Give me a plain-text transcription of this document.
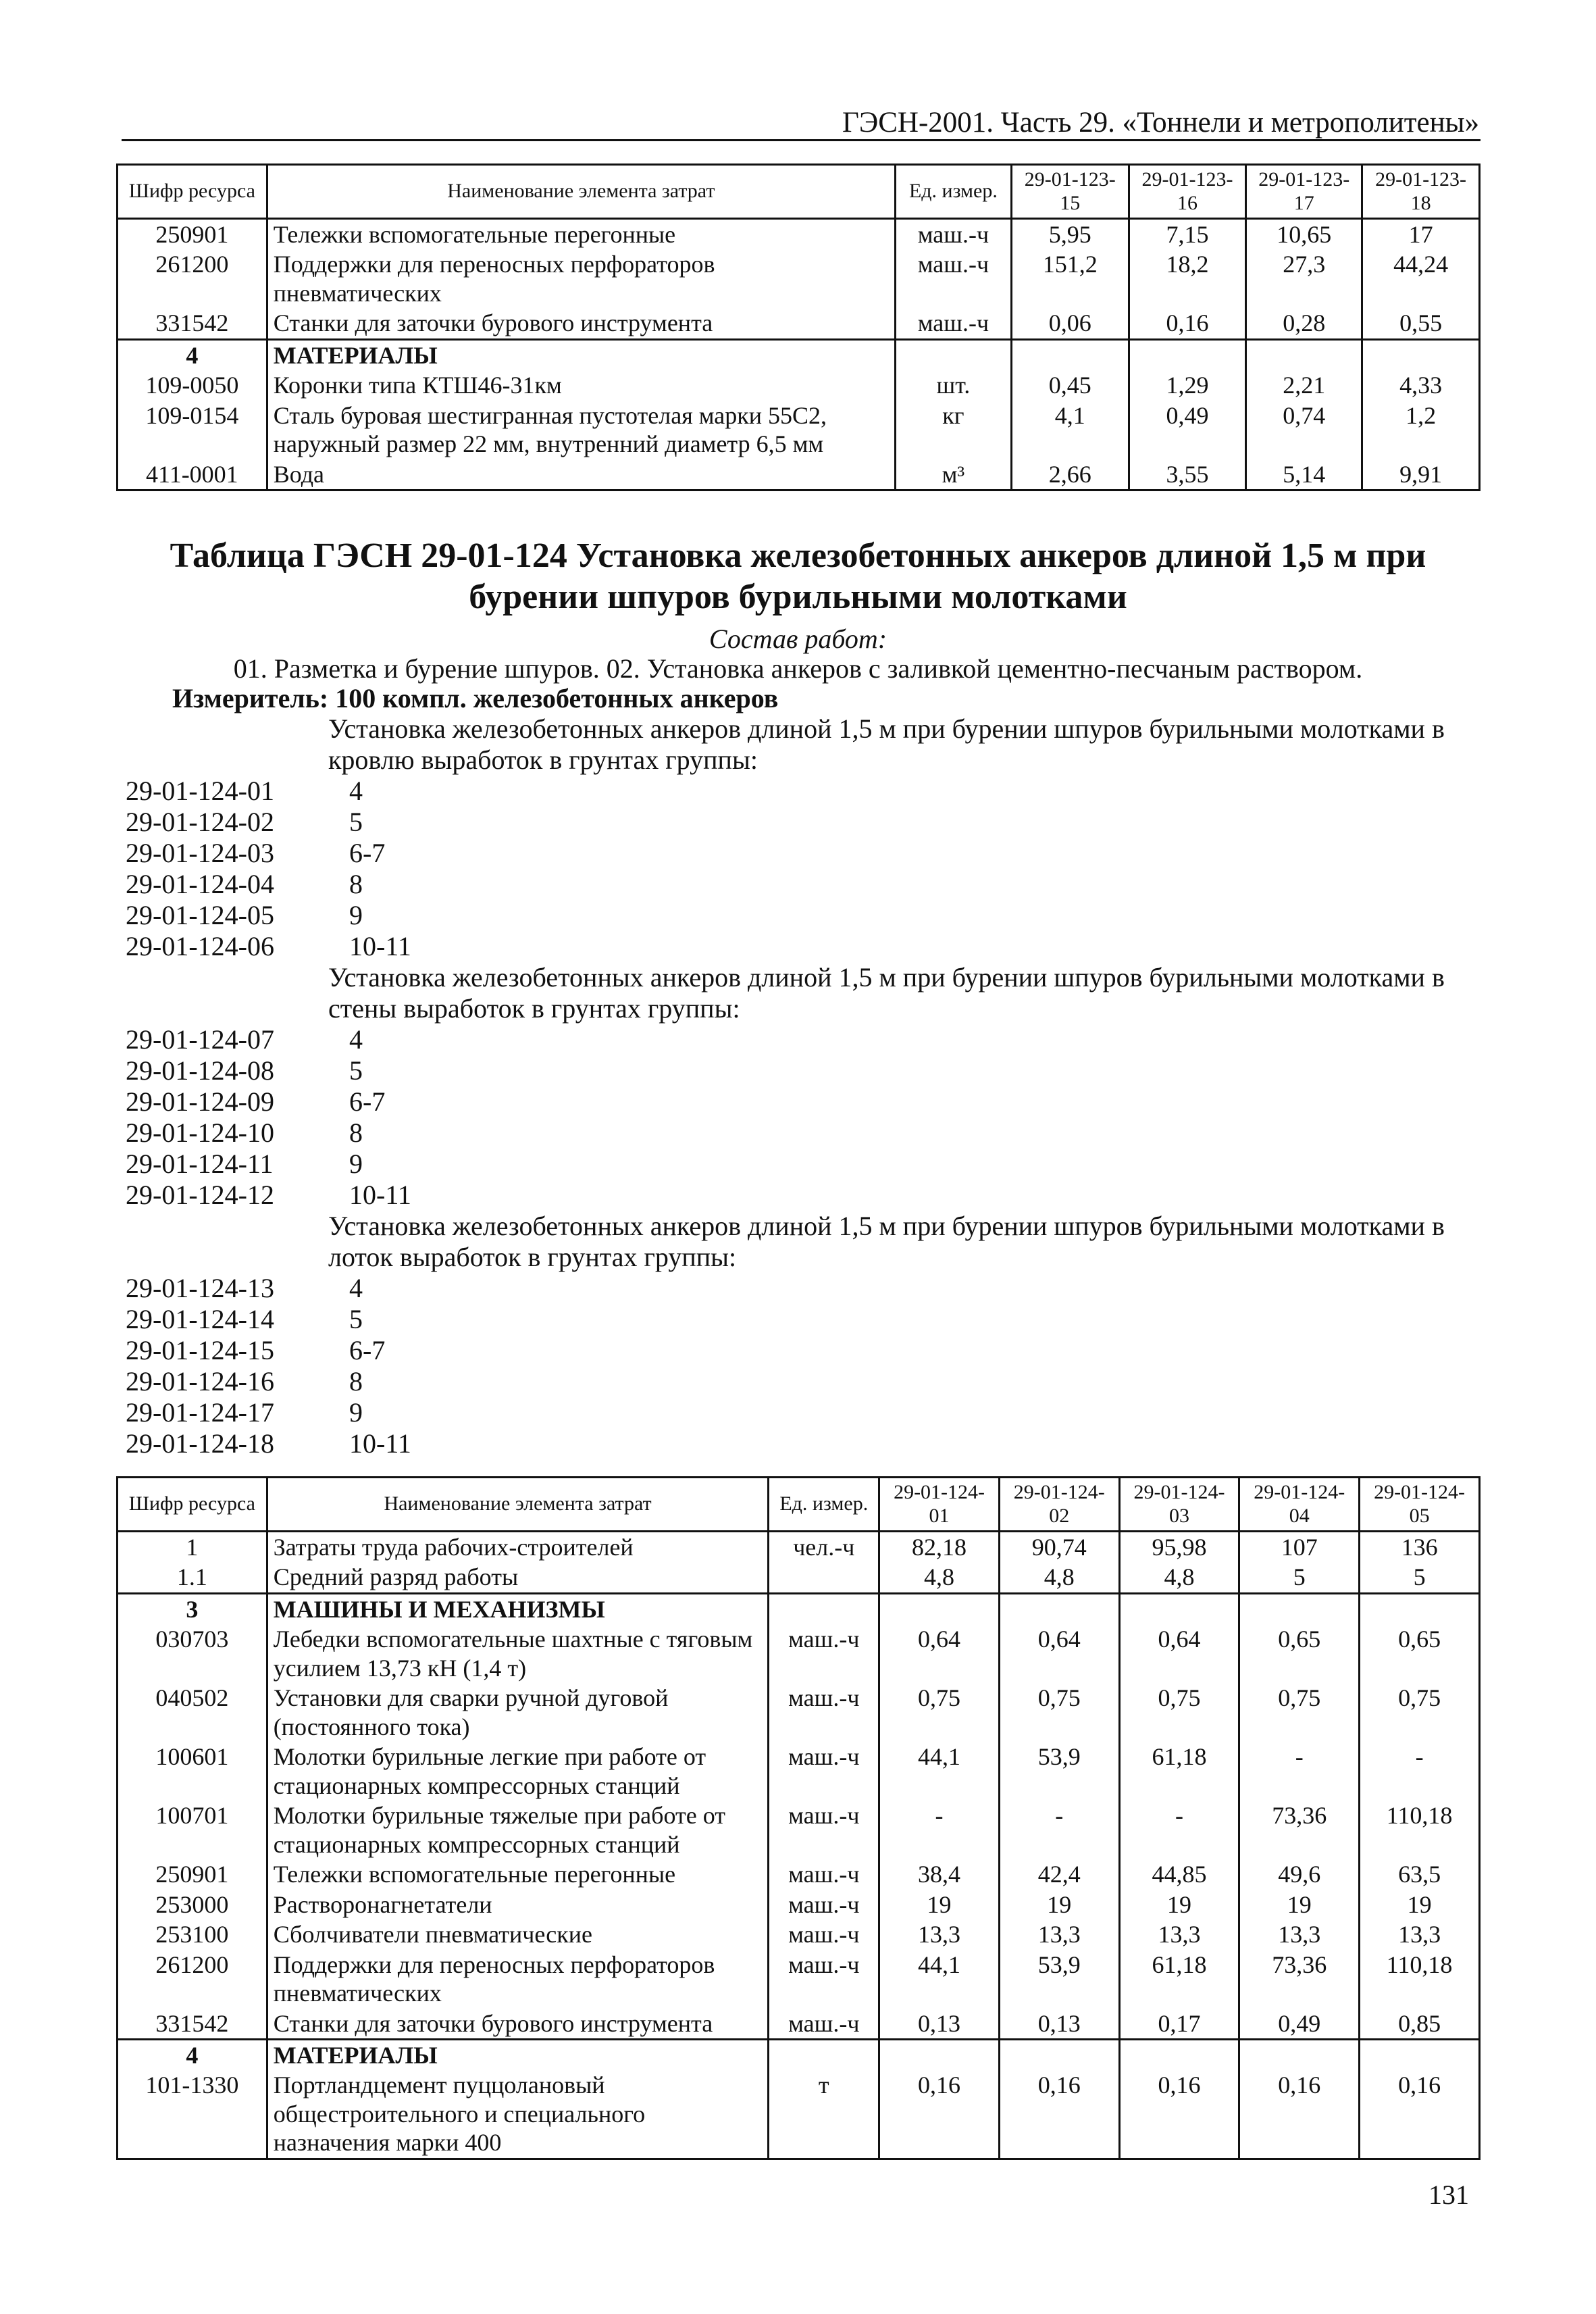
ГЭСН-2001. Часть 29. «Тоннели и метрополитены»
Шифр ресурса	Наименование элемента затрат	Ед. измер.	29-01-123-15	29-01-123-16	29-01-123-17	29-01-123-18
250901	Тележки вспомогательные перегонные	маш.-ч	5,95	7,15	10,65	17
261200	Поддержки для переносных перфораторов пневматических	маш.-ч	151,2	18,2	27,3	44,24
331542	Станки для заточки бурового инструмента	маш.-ч	0,06	0,16	0,28	0,55
4	МАТЕРИАЛЫ					
109-0050	Коронки типа КТШ46-31км	шт.	0,45	1,29	2,21	4,33
109-0154	Сталь буровая шестигранная пустотелая марки 55С2, наружный размер 22 мм, внутренний диаметр 6,5 мм	кг	4,1	0,49	0,74	1,2
411-0001	Вода	м³	2,66	3,55	5,14	9,91
Таблица ГЭСН 29-01-124 Установка железобетонных анкеров длиной 1,5 м при бурении шпуров бурильными молотками
Состав работ:
01. Разметка и бурение шпуров. 02. Установка анкеров с заливкой цементно-песчаным раствором.
Измеритель: 100 компл. железобетонных анкеров
Установка железобетонных анкеров длиной 1,5 м при бурении шпуров бурильными молотками в кровлю выработок в грунтах группы:
29-01-124-01	4
29-01-124-02	5
29-01-124-03	6-7
29-01-124-04	8
29-01-124-05	9
29-01-124-06	10-11
Установка железобетонных анкеров длиной 1,5 м при бурении шпуров бурильными молотками в стены выработок в грунтах группы:
29-01-124-07	4
29-01-124-08	5
29-01-124-09	6-7
29-01-124-10	8
29-01-124-11	9
29-01-124-12	10-11
Установка железобетонных анкеров длиной 1,5 м при бурении шпуров бурильными молотками в лоток выработок в грунтах группы:
29-01-124-13	4
29-01-124-14	5
29-01-124-15	6-7
29-01-124-16	8
29-01-124-17	9
29-01-124-18	10-11
Шифр ресурса	Наименование элемента затрат	Ед. измер.	29-01-124-01	29-01-124-02	29-01-124-03	29-01-124-04	29-01-124-05
1	Затраты труда рабочих-строителей	чел.-ч	82,18	90,74	95,98	107	136
1.1	Средний разряд работы		4,8	4,8	4,8	5	5
3	МАШИНЫ И МЕХАНИЗМЫ						
030703	Лебедки вспомогательные шахтные с тяговым усилием 13,73 кН (1,4 т)	маш.-ч	0,64	0,64	0,64	0,65	0,65
040502	Установки для сварки ручной дуговой (постоянного тока)	маш.-ч	0,75	0,75	0,75	0,75	0,75
100601	Молотки бурильные легкие при работе от стационарных компрессорных станций	маш.-ч	44,1	53,9	61,18	-	-
100701	Молотки бурильные тяжелые при работе от стационарных компрессорных станций	маш.-ч	-	-	-	73,36	110,18
250901	Тележки вспомогательные перегонные	маш.-ч	38,4	42,4	44,85	49,6	63,5
253000	Растворонагнетатели	маш.-ч	19	19	19	19	19
253100	Сболчиватели пневматические	маш.-ч	13,3	13,3	13,3	13,3	13,3
261200	Поддержки для переносных перфораторов пневматических	маш.-ч	44,1	53,9	61,18	73,36	110,18
331542	Станки для заточки бурового инструмента	маш.-ч	0,13	0,13	0,17	0,49	0,85
4	МАТЕРИАЛЫ						
101-1330	Портландцемент пуццолановый общестроительного и специального назначения марки 400	т	0,16	0,16	0,16	0,16	0,16
131
